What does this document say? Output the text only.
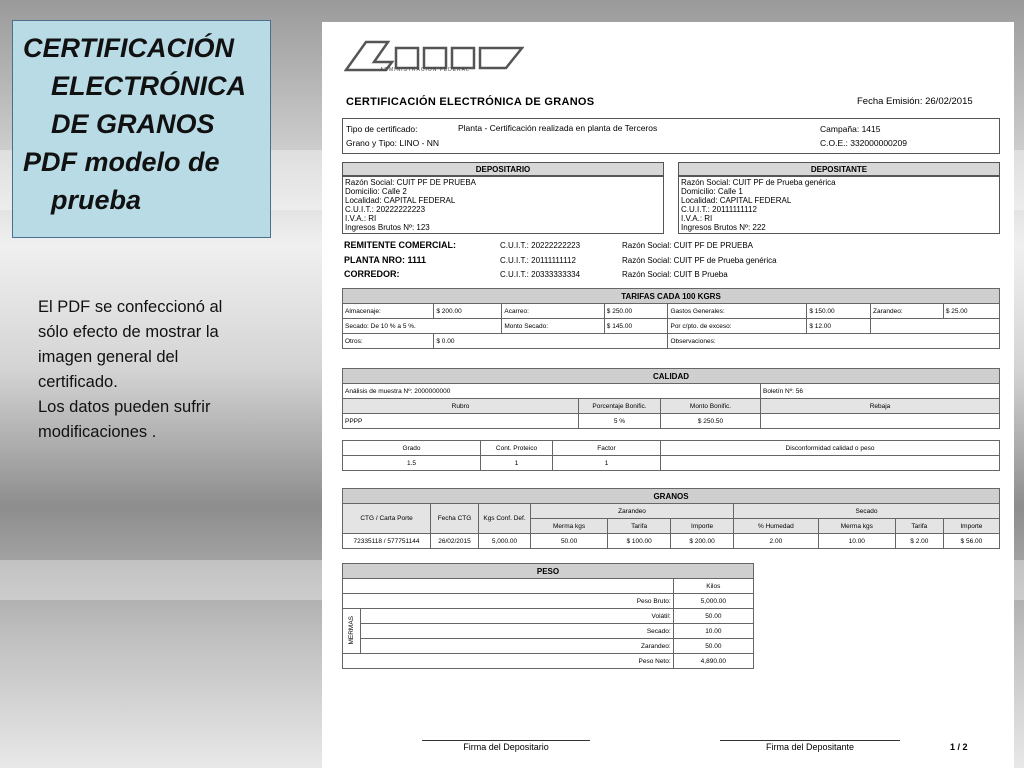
CERTIFICACIÓN
ELECTRÓNICA
DE GRANOS
PDF modelo de
prueba
El PDF se confeccionó al
sólo efecto de mostrar la
imagen general del
certificado.
Los datos pueden sufrir
modificaciones .
ADMINISTRACION FEDERAL
CERTIFICACIÓN ELECTRÓNICA DE GRANOS	Fecha Emisión: 26/02/2015
Tipo de certificado:	Planta - Certificación realizada en planta de Terceros	Campaña: 1415
Grano y Tipo: LINO - NN	C.O.E.: 332000000209
DEPOSITARIO
Razón Social: CUIT PF DE PRUEBA
Domicilio: Calle 2
Localidad: CAPITAL FEDERAL
C.U.I.T.: 20222222223
I.V.A.: RI
Ingresos Brutos Nº: 123
DEPOSITANTE
Razón Social: CUIT PF de Prueba genérica
Domicilio: Calle 1
Localidad: CAPITAL FEDERAL
C.U.I.T.: 20111111112
I.V.A.: RI
Ingresos Brutos Nº: 222
REMITENTE COMERCIAL:	C.U.I.T.: 20222222223	Razón Social: CUIT PF DE PRUEBA
PLANTA NRO: 1111	C.U.I.T.: 20111111112	Razón Social: CUIT PF de Prueba genérica
CORREDOR:	C.U.I.T.: 20333333334	Razón Social: CUIT B Prueba
TARIFAS CADA 100 KGRS							
Almacenaje:	$ 200.00	Acarreo:	$ 250.00	Gastos Generales:	$ 150.00	Zarandeo:	$ 25.00
Secado: De 10 % a 5 %.		Monto Secado:	$ 145.00	Por c/pto. de exceso:	$ 12.00		
Otros:	$ 0.00			Observaciones:			
CALIDAD			
Análisis de muestra Nº: 2000000000			Boletín Nº: 56
Rubro	Porcentaje Bonific.	Monto Bonific.	Rebaja
PPPP	5 %	$ 250.50	
Grado	Cont. Proteico	Factor	Disconformidad calidad o peso
1.5	1	1	
GRANOS									
CTG / Carta Porte	Fecha CTG	Kgs Conf. Def.	Zarandeo			Secado			
			Merma kgs	Tarifa	Importe	% Humedad	Merma kgs	Tarifa	Importe
72335118 / 577751144	26/02/2015	5,000.00	50.00	$ 100.00	$ 200.00	2.00	10.00	$ 2.00	$ 56.00
PESO		
		Kilos
Peso Bruto:		5,000.00
MERMAS	Volátil:	50.00
	Secado:	10.00
	Zarandeo:	50.00
Peso Neto:		4,890.00
Firma del Depositario	Firma del Depositante	1 / 2
